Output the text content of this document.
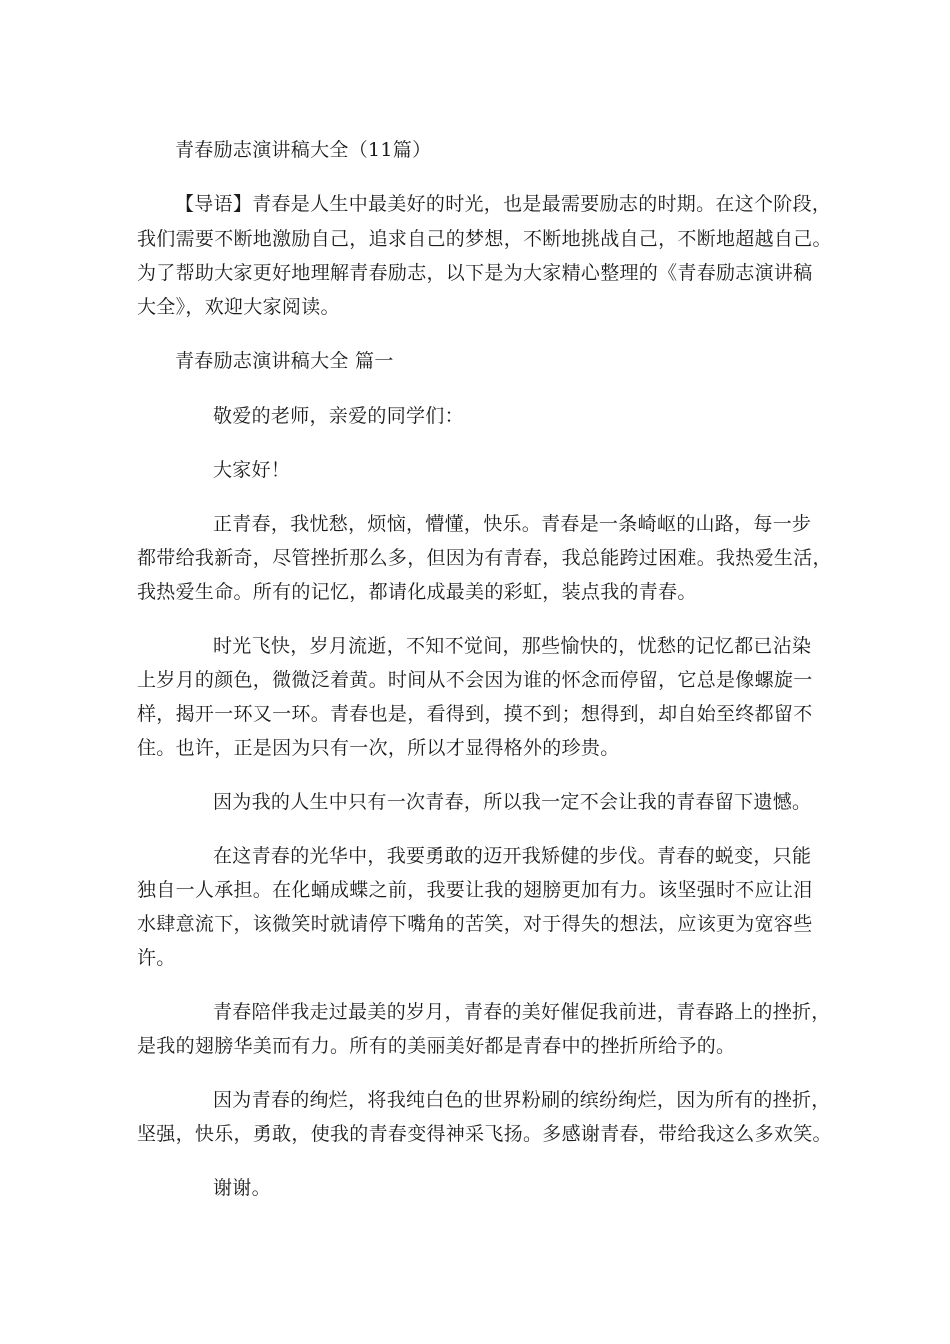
青春励志演讲稿大全（11篇）
【导语】青春是人生中最美好的时光，也是最需要励志的时期。在这个阶段，
我们需要不断地激励自己，追求自己的梦想，不断地挑战自己，不断地超越自己。
为了帮助大家更好地理解青春励志，以下是为大家精心整理的《青春励志演讲稿
大全》，欢迎大家阅读。
青春励志演讲稿大全 篇一
敬爱的老师，亲爱的同学们：
大家好！
正青春，我忧愁，烦恼，懵懂，快乐。青春是一条崎岖的山路，每一步
都带给我新奇，尽管挫折那么多，但因为有青春，我总能跨过困难。我热爱生活，
我热爱生命。所有的记忆，都请化成最美的彩虹，装点我的青春。
时光飞快，岁月流逝，不知不觉间，那些愉快的，忧愁的记忆都已沾染
上岁月的颜色，微微泛着黄。时间从不会因为谁的怀念而停留，它总是像螺旋一
样，揭开一环又一环。青春也是，看得到，摸不到；想得到，却自始至终都留不
住。也许，正是因为只有一次，所以才显得格外的珍贵。
因为我的人生中只有一次青春，所以我一定不会让我的青春留下遗憾。
在这青春的光华中，我要勇敢的迈开我矫健的步伐。青春的蜕变，只能
独自一人承担。在化蛹成蝶之前，我要让我的翅膀更加有力。该坚强时不应让泪
水肆意流下，该微笑时就请停下嘴角的苦笑，对于得失的想法，应该更为宽容些
许。
青春陪伴我走过最美的岁月，青春的美好催促我前进，青春路上的挫折，
是我的翅膀华美而有力。所有的美丽美好都是青春中的挫折所给予的。
因为青春的绚烂，将我纯白色的世界粉刷的缤纷绚烂，因为所有的挫折，
坚强，快乐，勇敢，使我的青春变得神采飞扬。多感谢青春，带给我这么多欢笑。
谢谢。
